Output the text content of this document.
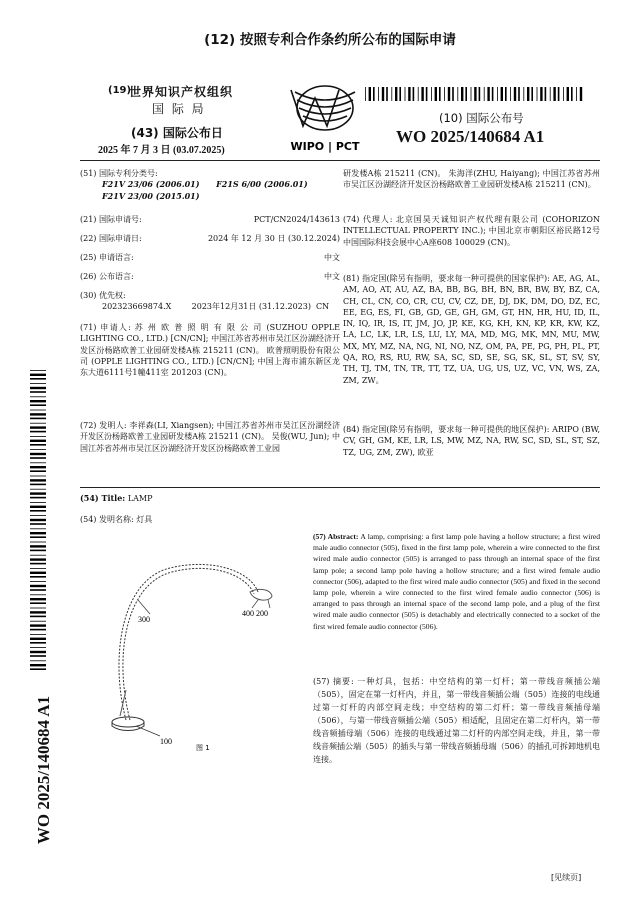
(12) 按照专利合作条约所公布的国际申请
(19)
世界知识产权组织
国 际 局
(43) 国际公布日
2025 年 7 月 3 日 (03.07.2025)	WIPO | PCT
(10) 国际公布号
WO 2025/140684 A1
(51) 国际专利分类号:
F21V 23/06 (2006.01) F21S 6/00 (2006.01)
F21V 23/00 (2015.01)
(21) 国际申请号:	PCT/CN2024/143613
(22) 国际申请日:	2024 年 12 月 30 日 (30.12.2024)
(25) 申请语言:	中文
(26) 公布语言:	中文
(30) 优先权:
202323669874.X        2023年12月31日 (31.12.2023)  CN
(71) 申请人: 苏 州 欧 普 照 明 有 限 公 司 (SUZHOU OPPLE LIGHTING CO., LTD.) [CN/CN]; 中国江苏省苏州市吴江区汾湖经济开发区汾杨路欧普工业园研发楼A栋 215211 (CN)。 欧普照明股份有限公司 (OPPLE LIGHTING CO., LTD.) [CN/CN]; 中国上海市浦东新区龙东大道6111号1幢411室 201203 (CN)。
(72) 发明人: 李祥森(LI, Xiangsen); 中国江苏省苏州市吴江区汾湖经济开发区汾杨路欧普工业园研发楼A栋 215211 (CN)。 吴俊(WU, Jun); 中国江苏省苏州市吴江区汾湖经济开发区汾杨路欧普工业园
研发楼A栋 215211 (CN)。 朱海洋(ZHU, Haiyang); 中国江苏省苏州市吴江区汾湖经济开发区汾杨路欧普工业园研发楼A栋 215211 (CN)。
(74) 代理人: 北京国昊天诚知识产权代理有限公司 (COHORIZON INTELLECTUAL PROPERTY INC.); 中国北京市朝阳区裕民路12号中国国际科技会展中心A座608 100029 (CN)。
(81) 指定国(除另有指明，要求每一种可提供的国家保护): AE, AG, AL, AM, AO, AT, AU, AZ, BA, BB, BG, BH, BN, BR, BW, BY, BZ, CA, CH, CL, CN, CO, CR, CU, CV, CZ, DE, DJ, DK, DM, DO, DZ, EC, EE, EG, ES, FI, GB, GD, GE, GH, GM, GT, HN, HR, HU, ID, IL, IN, IQ, IR, IS, IT, JM, JO, JP, KE, KG, KH, KN, KP, KR, KW, KZ, LA, LC, LK, LR, LS, LU, LY, MA, MD, MG, MK, MN, MU, MW, MX, MY, MZ, NA, NG, NI, NO, NZ, OM, PA, PE, PG, PH, PL, PT, QA, RO, RS, RU, RW, SA, SC, SD, SE, SG, SK, SL, ST, SV, SY, TH, TJ, TM, TN, TR, TT, TZ, UA, UG, US, UZ, VC, VN, WS, ZA, ZM, ZW。
(84) 指定国(除另有指明，要求每一种可提供的地区保护): ARIPO (BW, CV, GH, GM, KE, LR, LS, MW, MZ, NA, RW, SC, SD, SL, ST, SZ, TZ, UG, ZM, ZW), 欧亚
(54) Title: LAMP
(54) 发明名称: 灯具
300
400 200
100
图 1
(57) Abstract: A lamp, comprising: a first lamp pole having a hollow structure; a first wired male audio connector (505), fixed in the first lamp pole, wherein a wire connected to the first wired male audio connector (505) is arranged to pass through an internal space of the first lamp pole; a second lamp pole having a hollow structure; and a first wired female audio connector (506), adapted to the first wired male audio connector (505) and fixed in the second lamp pole, wherein a wire connected to the first wired female audio connector (506) is arranged to pass through an internal space of the second lamp pole, and a plug of the first wired male audio connector (505) is detachably and electrically connected to a socket of the first wired female audio connector (506).
(57) 摘要: 一种灯具，包括：中空结构的第一灯杆；第一带线音频插公端（505），固定在第一灯杆内，并且，第一带线音频插公端（505）连接的电线通过第一灯杆的内部空间走线；中空结构的第二灯杆；第一带线音频插母端（506），与第一带线音频插公端（505）相适配，且固定在第二灯杆内，第一带线音频插母端（506）连接的电线通过第二灯杆的内部空间走线，并且，第一带线音频插公端（505）的插头与第一带线音频插母端（506）的插孔可拆卸地机电连接。
WO 2025/140684 A1
[见续页]
